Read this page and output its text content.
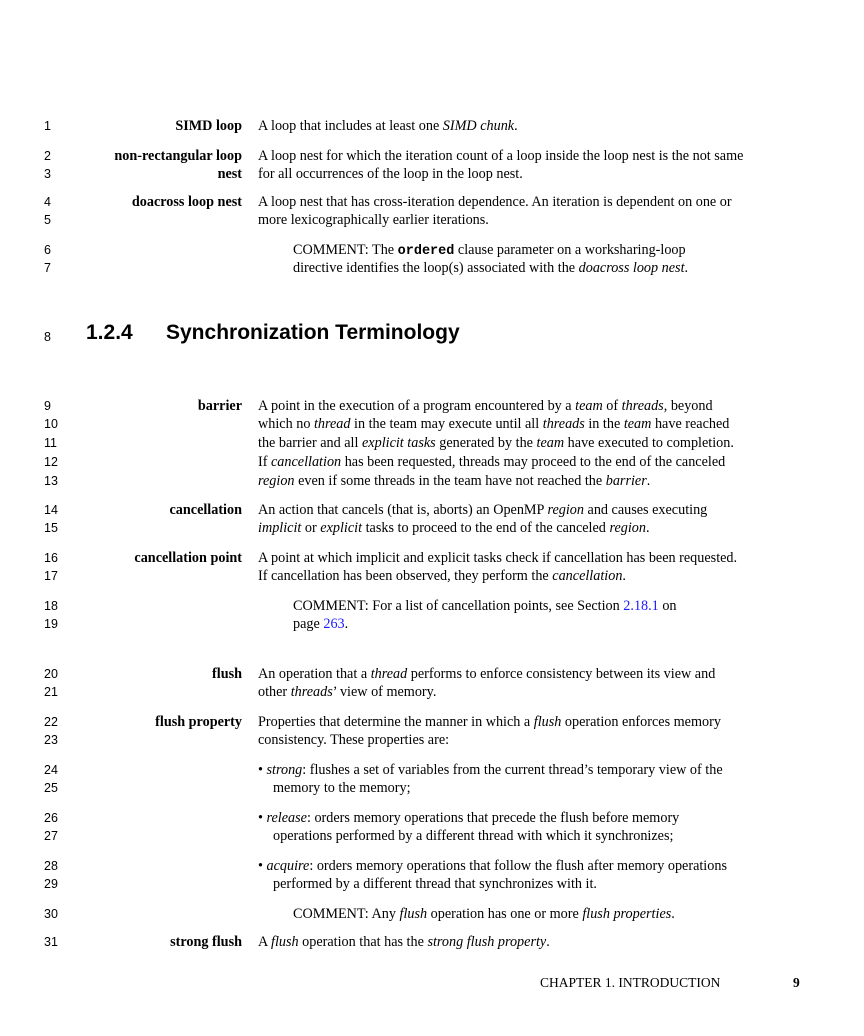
1
2
3
4
5
6
7
8
9
10
11
12
13
14
15
16
17
18
19
20
21
22
23
24
25
26
27
28
29
30
31
SIMD loop
non-rectangular loop
nest
doacross loop nest
1.2.4 Synchronization Terminology
barrier
cancellation
cancellation point
flush
flush property
strong flush
A loop that includes at least one SIMD chunk.
A loop nest for which the iteration count of a loop inside the loop nest is the not same
for all occurrences of the loop in the loop nest.
A loop nest that has cross-iteration dependence. An iteration is dependent on one or
more lexicographically earlier iterations.
COMMENT: The ordered clause parameter on a worksharing-loop
directive identifies the loop(s) associated with the doacross loop nest.
A point in the execution of a program encountered by a team of threads, beyond
which no thread in the team may execute until all threads in the team have reached
the barrier and all explicit tasks generated by the team have executed to completion.
If cancellation has been requested, threads may proceed to the end of the canceled
region even if some threads in the team have not reached the barrier.
An action that cancels (that is, aborts) an OpenMP region and causes executing
implicit or explicit tasks to proceed to the end of the canceled region.
A point at which implicit and explicit tasks check if cancellation has been requested.
If cancellation has been observed, they perform the cancellation.
COMMENT: For a list of cancellation points, see Section 2.18.1 on
page 263.
An operation that a thread performs to enforce consistency between its view and
other threads’ view of memory.
Properties that determine the manner in which a flush operation enforces memory
consistency. These properties are:
• strong: flushes a set of variables from the current thread’s temporary view of the
memory to the memory;
• release: orders memory operations that precede the flush before memory
operations performed by a different thread with which it synchronizes;
• acquire: orders memory operations that follow the flush after memory operations
performed by a different thread that synchronizes with it.
COMMENT: Any flush operation has one or more flush properties.
A flush operation that has the strong flush property.
CHAPTER 1. INTRODUCTION	9
